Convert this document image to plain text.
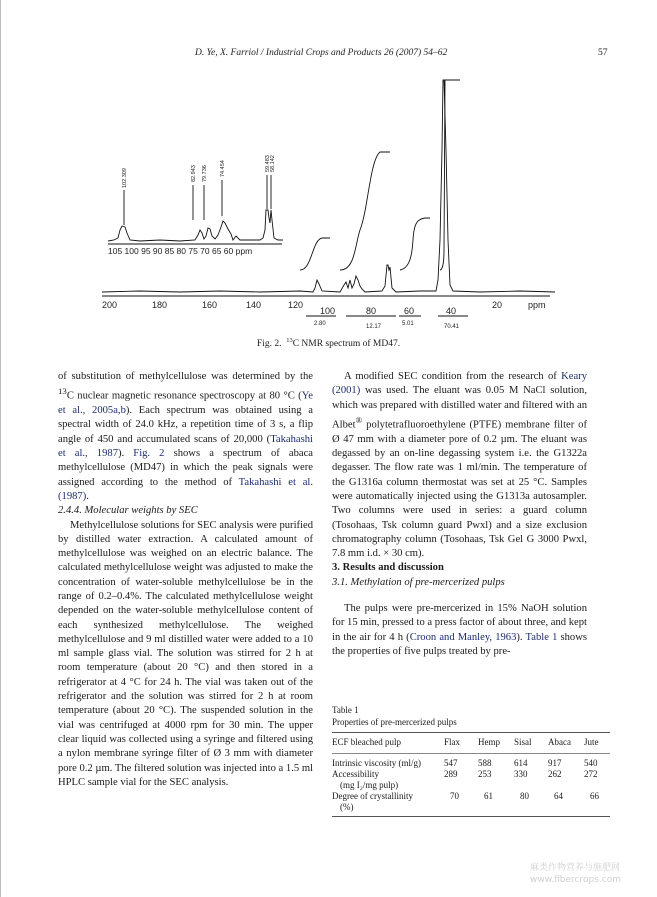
D. Ye, X. Farriol / Industrial Crops and Products 26 (2007) 54–62	57
200	180	160	140	120
100	80	60	40
20	ppm
2.80	12.17	5.01	70.41
105 100 95 90 85 80 75 70 65 60 ppm
102.309	82.943 79.736 74.454	59.483 58.142
Fig. 2. $^{13}$C NMR spectrum of MD47.

of substitution of methylcellulose was determined by the $^{13}$C nuclear magnetic resonance spectroscopy at 80 °C (Ye et al., 2005a,b). Each spectrum was obtained using a spectral width of 24.0 kHz, a repetition time of 3 s, a flip angle of 450 and accumulated scans of 20,000 (Takahashi et al., 1987). Fig. 2 shows a spectrum of abaca methylcellulose (MD47) in which the peak signals were assigned according to the method of Takahashi et al. (1987).

2.4.4. Molecular weights by SEC

Methylcellulose solutions for SEC analysis were purified by distilled water extraction. A calculated amount of methylcellulose was weighed on an electric balance. The calculated methylcellulose weight was adjusted to make the concentration of water-soluble methylcellulose be in the range of 0.2–0.4%. The calculated methylcellulose weight depended on the water-soluble methylcellulose content of each synthesized methylcellulose. The weighed methylcellulose and 9 ml distilled water were added to a 10 ml sample glass vial. The solution was stirred for 2 h at room temperature (about 20 °C) and then stored in a refrigerator at 4 °C for 24 h. The vial was taken out of the refrigerator and the solution was stirred for 2 h at room temperature (about 20 °C). The suspended solution in the vial was centrifuged at 4000 rpm for 30 min. The upper clear liquid was collected using a syringe and filtered using a nylon membrane syringe filter of Ø 3 mm with diameter pore 0.2 µm. The filtered solution was injected into a 1.5 ml HPLC sample vial for the SEC analysis.

A modified SEC condition from the research of Keary (2001) was used. The eluant was 0.05 M NaCl solution, which was prepared with distilled water and filtered with an Albet® polytetrafluoroethylene (PTFE) membrane filter of Ø 47 mm with a diameter pore of 0.2 µm. The eluant was degassed by an on-line degassing system i.e. the G1322a degasser. The flow rate was 1 ml/min. The temperature of the G1316a column thermostat was set at 25 °C. Samples were automatically injected using the G1313a autosampler. Two columns were used in series: a guard column (Tosohaas, Tsk column guard Pwxl) and a size exclusion chromatography column (Tosohaas, Tsk Gel G 3000 Pwxl, 7.8 mm i.d. × 30 cm).

3. Results and discussion

3.1. Methylation of pre-mercerized pulps

The pulps were pre-mercerized in 15% NaOH solution for 15 min, pressed to a press factor of about three, and kept in the air for 4 h (Croon and Manley, 1963). Table 1 shows the properties of five pulps treated by pre-

Table 1
Properties of pre-mercerized pulps
ECF bleached pulp	Flax	Hemp	Sisal	Abaca	Jute
Intrinsic viscosity (ml/g)	547	588	614	917	540
Accessibility
(mg I₂/mg pulp)	289	253	330	262	272
Degree of crystallinity
(%)	70	61	80	64	66
麻类作物营养与施肥网
www.fibercrops.com
